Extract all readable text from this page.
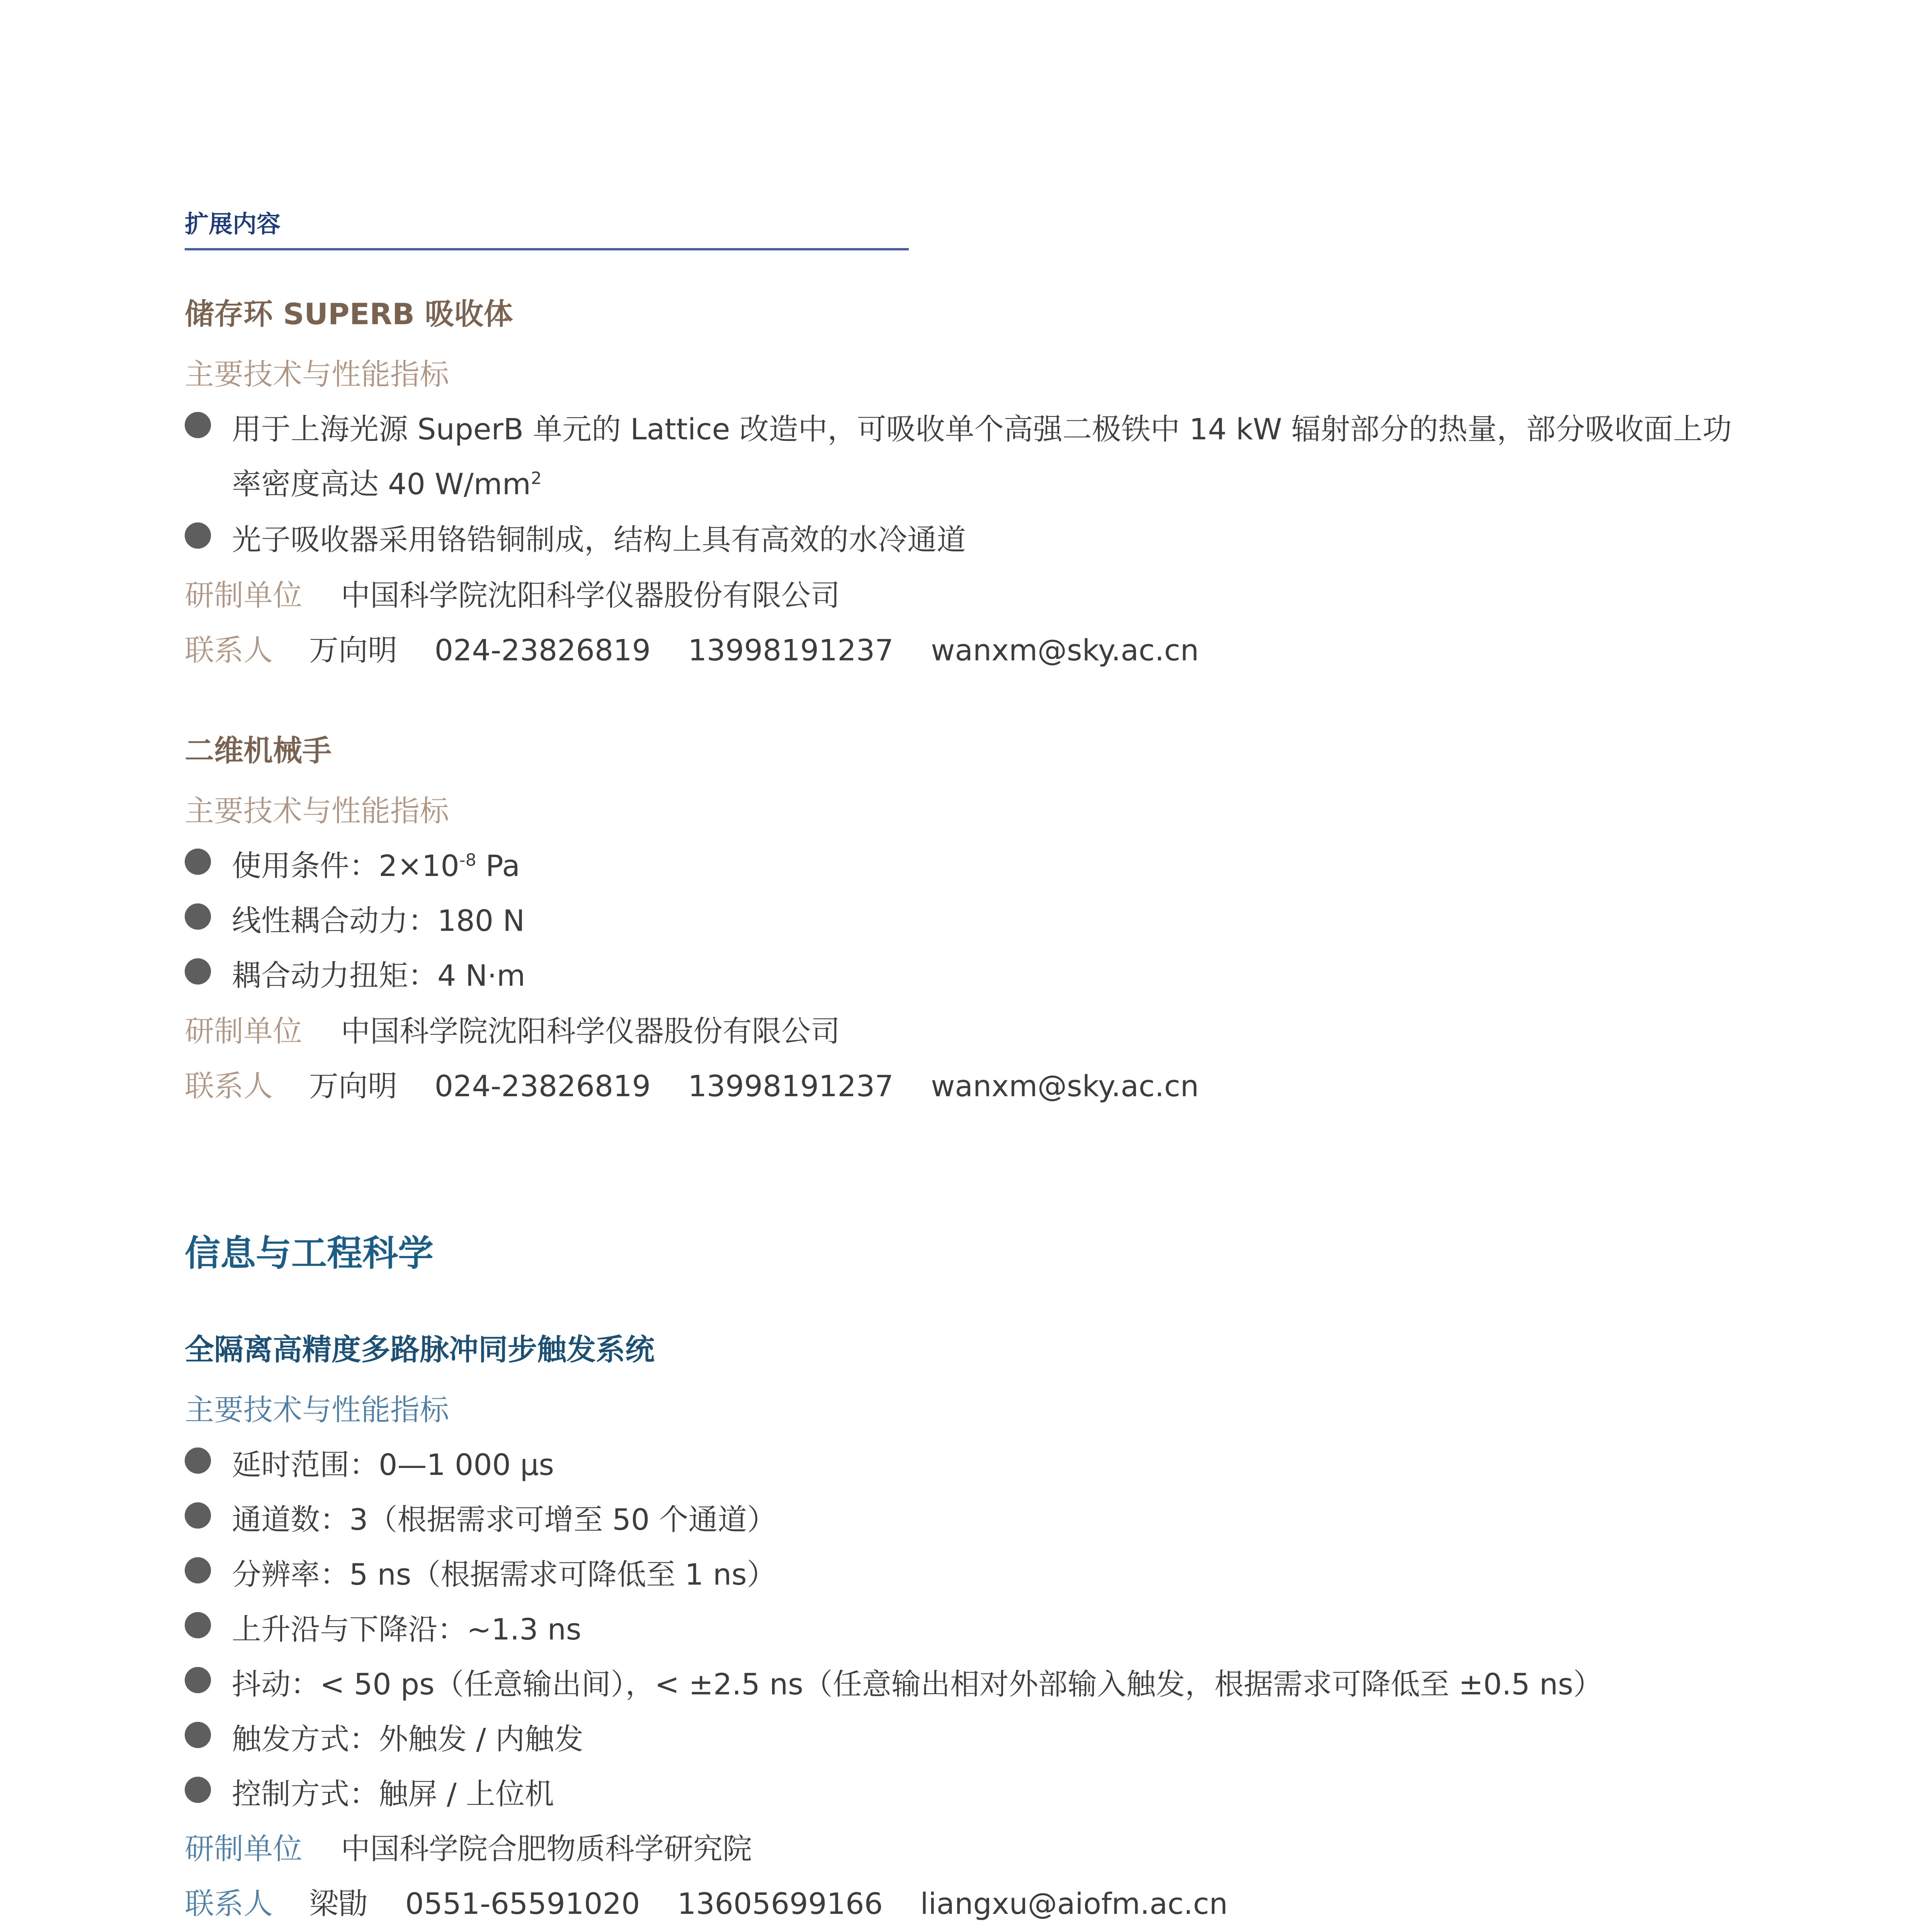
扩展内容
储存环 SUPERB 吸收体
主要技术与性能指标
用于上海光源 SuperB 单元的 Lattice 改造中，可吸收单个高强二极铁中 14 kW 辐射部分的热量，部分吸收面上功
率密度高达 40 $W/mm^2$
光子吸收器采用铬锆铜制成，结构上具有高效的水冷通道
研制单位 中国科学院沈阳科学仪器股份有限公司
联系人 万向明    024-23826819    13998191237    wanxm@sky.ac.cn
二维机械手
主要技术与性能指标
使用条件：$2\times 10^{-8}$ Pa
线性耦合动力：180 N
耦合动力扭矩：4 N·m
研制单位 中国科学院沈阳科学仪器股份有限公司
联系人 万向明    024-23826819    13998191237    wanxm@sky.ac.cn
信息与工程科学
全隔离高精度多路脉冲同步触发系统
主要技术与性能指标
延时范围：0—1 000 µs
通道数：3（根据需求可增至 50 个通道）
分辨率：5 ns（根据需求可降低至 1 ns）
上升沿与下降沿：~1.3 ns
抖动：< 50 ps（任意输出间），< ±2.5 ns（任意输出相对外部输入触发，根据需求可降低至 ±0.5 ns）
触发方式：外触发 / 内触发
控制方式：触屏 / 上位机
研制单位 中国科学院合肥物质科学研究院
联系人 梁勖    0551-65591020    13605699166    liangxu@aiofm.ac.cn
